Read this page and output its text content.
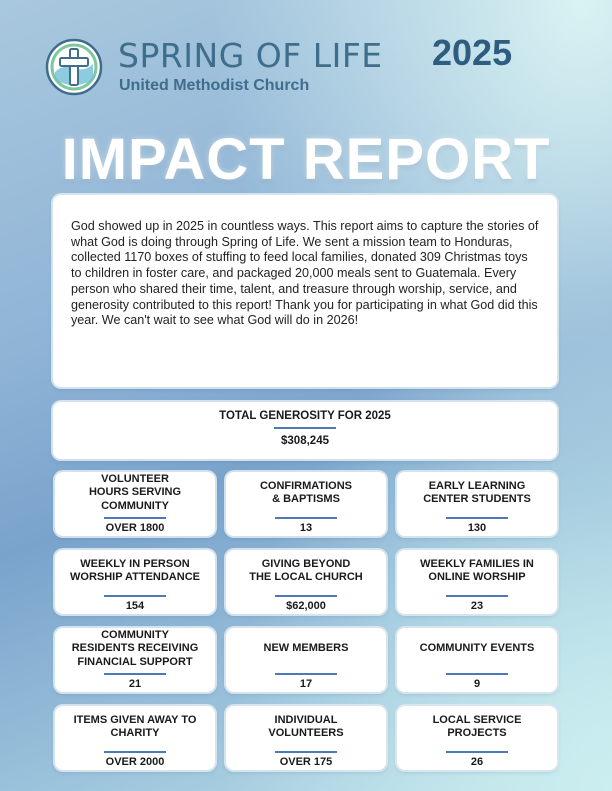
SPRING OF LIFE
United Methodist Church
2025
IMPACT REPORT

God showed up in 2025 in countless ways. This report aims to capture the stories of what God is doing through Spring of Life. We sent a mission team to Honduras, collected 1170 boxes of stuffing to feed local families, donated 309 Christmas toys to children in foster care, and packaged 20,000 meals sent to Guatemala. Every person who shared their time, talent, and treasure through worship, service, and generosity contributed to this report! Thank you for participating in what God did this year. We can't wait to see what God will do in 2026!

TOTAL GENEROSITY FOR 2025
$308,245
VOLUNTEER
HOURS SERVING
COMMUNITY
OVER 1800
CONFIRMATIONS
& BAPTISMS
13
EARLY LEARNING
CENTER STUDENTS
130
WEEKLY IN PERSON
WORSHIP ATTENDANCE
154
GIVING BEYOND
THE LOCAL CHURCH
$62,000
WEEKLY FAMILIES IN
ONLINE WORSHIP
23
COMMUNITY
RESIDENTS RECEIVING
FINANCIAL SUPPORT
21
NEW MEMBERS
17
COMMUNITY EVENTS
9
ITEMS GIVEN AWAY TO
CHARITY
OVER 2000
INDIVIDUAL
VOLUNTEERS
OVER 175
LOCAL SERVICE
PROJECTS
26
